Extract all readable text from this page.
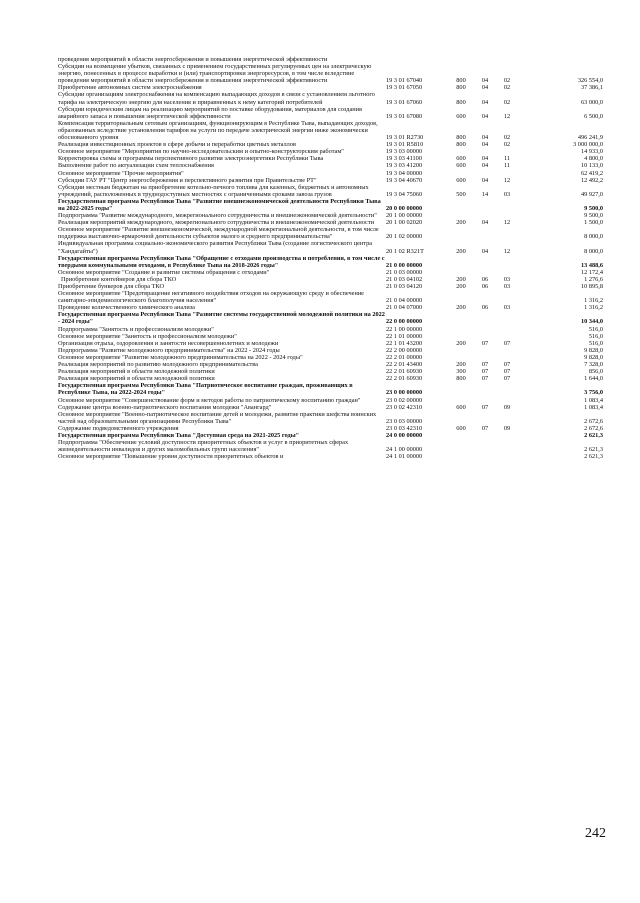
проведения мероприятий в области энергосбережения и повышения энергетической эффективности					
Субсидии на возмещение убытков, связанных с применением государственных регулируемых цен на электрическую энергию, понесенных в процессе выработки и (или) транспортировки энергоресурсов, в том числе вследствие проведения мероприятий в области энергосбережения и повышения энергетической эффективности	19 3 01 67040	800	04	02	326 554,0
Приобретение автономных систем электроснабжения	19 3 01 67050	800	04	02	37 386,1
Субсидии организациям электроснабжения на компенсацию выпадающих доходов в связи с установлением льготного тарифа на электрическую энергию для населения и приравненных к нему категорий потребителей	19 3 01 67060	800	04	02	63 000,0
Субсидии юридическим лицам на реализацию мероприятий по поставке оборудования, материалов для создания аварийного запаса и повышения энергетической эффективности	19 3 01 67080	600	04	12	6 500,0
Компенсация территориальным сетевым организациям, функционирующим в Республике Тыва, выпадающих доходов, образованных вследствие установления тарифов на услуги по передаче электрической энергии ниже экономически обоснованного уровня	19 3 01 R2730	800	04	02	496 241,9
Реализация инвестиционных проектов в сфере добычи и переработки цветных металлов	19 3 01 R5810	800	04	02	3 000 000,0
Основное мероприятие "Мероприятия по научно-исследовательским и опытно-конструкторским работам"	19 3 03 00000				14 933,0
Корректировка схемы и программы перспективного развития электроэнергетики Республики Тыва	19 3 03 41100	600	04	11	4 800,0
Выполнение работ по актуализации схем теплоснабжения	19 3 03 41200	600	04	11	10 133,0
Основное мероприятие "Прочие мероприятия"	19 3 04 00000				62 419,2
Субсидии ГАУ РТ "Центр энергосбережения и перспективного развития при Правительстве РТ"	19 3 04 40670	600	04	12	12 492,2
Субсидии местным бюджетам на приобретение котельно-печного топлива для казенных, бюджетных и автономных учреждений, расположенных в труднодоступных местностях с ограниченными сроками завоза грузов	19 3 04 75060	500	14	03	49 927,0
Государственная программа Республики Тыва "Развитие внешнеэкономической деятельности Республики Тыва на 2022-2025 годы"	20 0 00 00000				9 500,0
Подпрограмма "Развитие международного, межрегионального сотрудничества и внешнеэкономической деятельности"	20 1 00 00000				9 500,0
Реализация мероприятий международного, межрегионального сотрудничества и внешнеэкономической деятельности	20 1 00 02020	200	04	12	1 500,0
Основное мероприятие "Развитие внешнеэкономической, международной межрегиональной деятельности, в том числе поддержка выставочно-ярмарочной деятельности субъектов малого и среднего предпринимательства"	20 1 02 00000				8 000,0
Индивидуальная программа социально-экономического развития Республики Тыва (создание логистического центра "Хандагайты")	20 1 02 R321Т	200	04	12	8 000,0
Государственная программа Республики Тыва "Обращение с отходами производства и потребления, в том числе с твердыми коммунальными отходами, в Республике Тыва на 2018-2026 годы"	21 0 00 00000				13 488,6
Основное мероприятие "Создание и развитие системы обращения с отходами"	21 0 03 00000				12 172,4
Приобретение контейнеров для сбора ТКО	21 0 03 04102	200	06	03	1 276,6
Приобретение бункеров для сбора ТКО	21 0 03 04120	200	06	03	10 895,8
Основное мероприятие "Предотвращение негативного воздействия отходов на окружающую среду и обеспечение санитарно-эпидемиологического благополучия населения"	21 0 04 00000				1 316,2
Проведение количественного химического анализа	21 0 04 07000	200	06	03	1 316,2
Государственная программа Республики Тыва "Развитие системы государственной молодежной политики на 2022 - 2024 годы"	22 0 00 00000				10 344,0
Подпрограмма "Занятость и профессионализм молодежи"	22 1 00 00000				516,0
Основное мероприятие "Занятость и профессионализм молодежи"	22 1 01 00000				516,0
Организация отдыха, оздоровления и занятости несовершеннолетних и молодежи	22 1 01 43200	200	07	07	516,0
Подпрограмма "Развитие молодежного предпринимательства" на 2022 - 2024 годы	22 2 00 00000				9 828,0
Основное мероприятие "Развитие молодежного предпринимательства на 2022 - 2024 годы"	22 2 01 00000				9 828,0
Реализация мероприятий по развитию молодежного предпринимательства	22 2 01 43400	200	07	07	7 328,0
Реализация мероприятий в области молодежной политики	22 2 01 60930	300	07	07	856,0
Реализация мероприятий в области молодежной политики	22 2 01 60930	800	07	07	1 644,0
Государственная программа Республики Тыва "Патриотическое воспитание граждан, проживающих в Республике Тыва, на 2022-2024 годы"	23 0 00 00000				3 756,0
Основное мероприятие "Совершенствование форм и методов работы по патриотическому воспитанию граждан"	23 0 02 00000				1 083,4
Содержание центра военно-патриотического воспитания молодежи "Авангард"	23 0 02 42310	600	07	09	1 083,4
Основное мероприятие "Военно-патриотическое воспитание детей и молодежи, развитие практики шефства воинских частей над образовательными организациями Республики Тыва"	23 0 03 00000				2 672,6
Содержание подведомственного учреждения	23 0 03 42310	600	07	09	2 672,6
Государственная программа Республики Тыва "Доступная среда на 2021-2025 годы"	24 0 00 00000				2 621,3
Подпрограмма "Обеспечение условий доступности приоритетных объектов и услуг в приоритетных сферах жизнедеятельности инвалидов и других маломобильных групп населения"	24 1 00 00000				2 621,3
Основное мероприятие "Повышение уровня доступности приоритетных объектов и	24 1 01 00000				2 621,3
242
